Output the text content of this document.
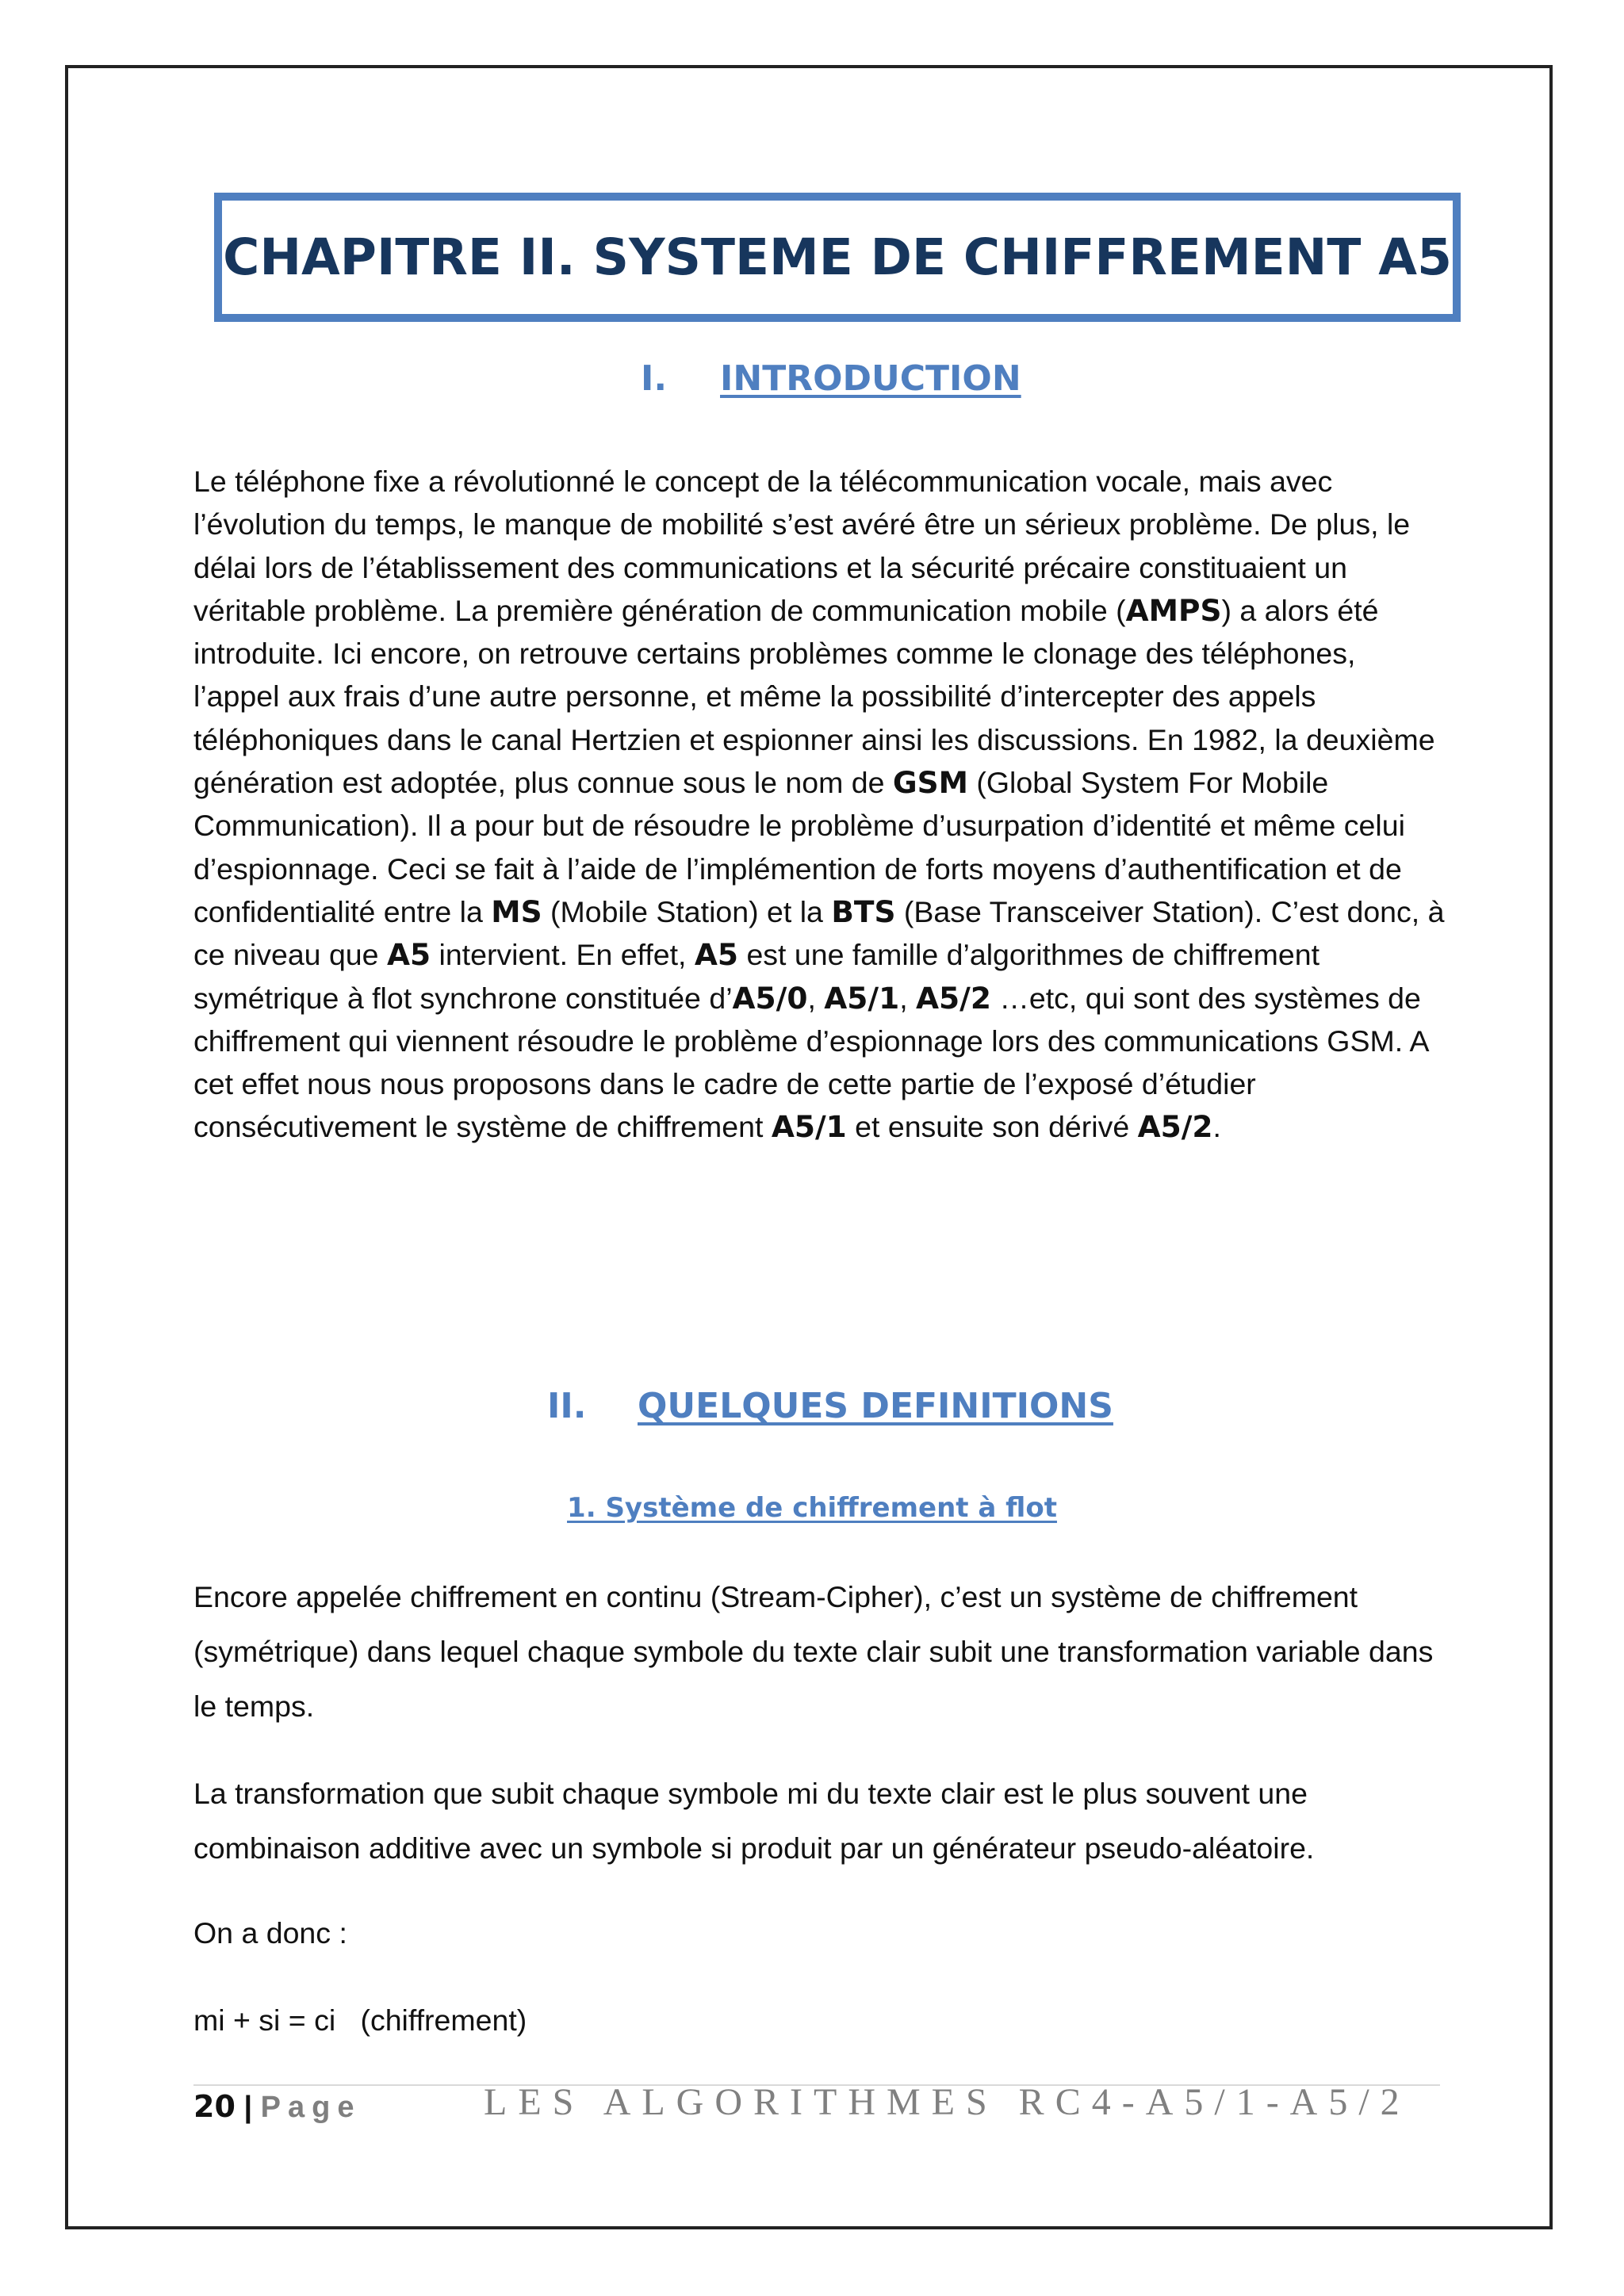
CHAPITRE II. SYSTEME DE CHIFFREMENT A5
I. INTRODUCTION
Le téléphone fixe a révolutionné le concept de la télécommunication vocale, mais avec l’évolution du temps, le manque de mobilité s’est avéré être un sérieux problème. De plus, le délai lors de l’établissement des communications et la sécurité précaire constituaient un véritable problème. La première génération de communication mobile (AMPS) a alors été introduite. Ici encore, on retrouve certains problèmes comme le clonage des téléphones, l’appel aux frais d’une autre personne, et même la possibilité d’intercepter des appels téléphoniques dans le canal Hertzien et espionner ainsi les discussions. En 1982, la deuxième génération est adoptée, plus connue sous le nom de GSM (Global System For Mobile Communication). Il a pour but de résoudre le problème d’usurpation d’identité et même celui d’espionnage. Ceci se fait à l’aide de l’implémention de forts moyens d’authentification et de confidentialité entre la MS (Mobile Station) et la BTS (Base Transceiver Station). C’est donc, à ce niveau que A5 intervient. En effet, A5 est une famille d’algorithmes de chiffrement symétrique à flot synchrone constituée d’A5/0, A5/1, A5/2 …etc, qui sont des systèmes de chiffrement qui viennent résoudre le problème d’espionnage lors des communications GSM. A cet effet nous nous proposons dans le cadre de cette partie de l’exposé d’étudier consécutivement le système de chiffrement A5/1 et ensuite son dérivé A5/2.
II. QUELQUES DEFINITIONS
1. Système de chiffrement à flot
Encore appelée chiffrement en continu (Stream-Cipher), c’est un système de chiffrement (symétrique) dans lequel chaque symbole du texte clair subit une transformation variable dans le temps.
La transformation que subit chaque symbole mi du texte clair est le plus souvent une combinaison additive avec un symbole si produit par un générateur pseudo-aléatoire.
On a donc :
mi + si = ci   (chiffrement)
20 | Page	LES ALGORITHMES RC4-A5/1-A5/2
